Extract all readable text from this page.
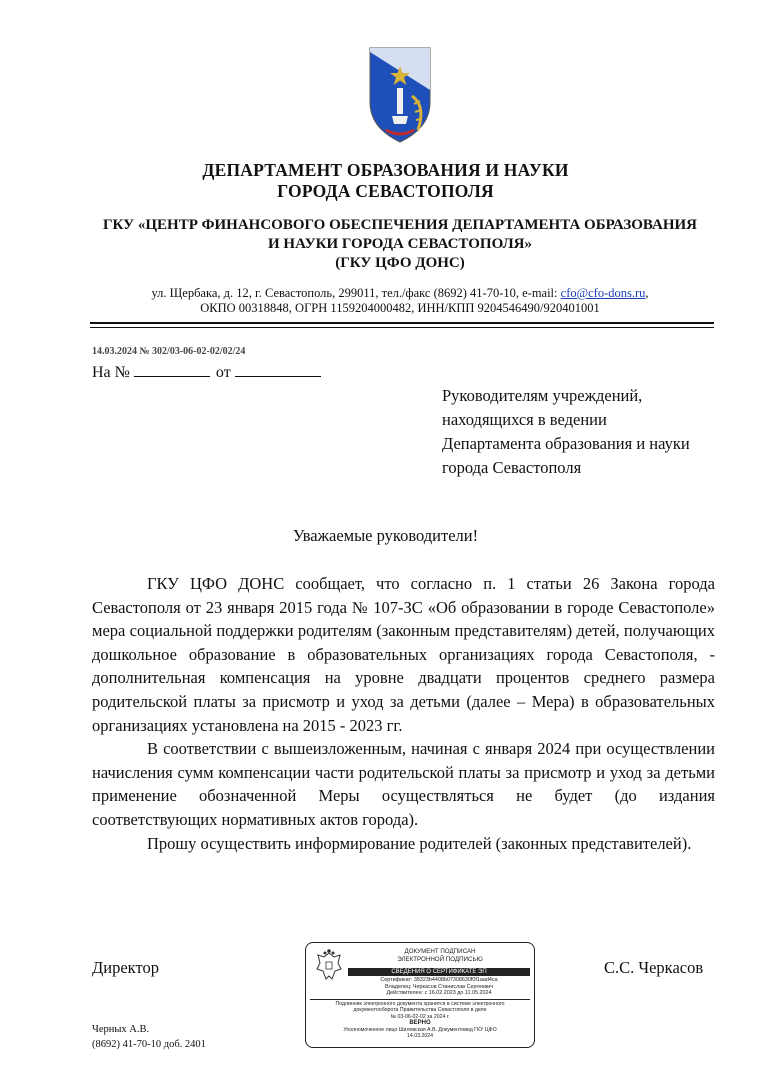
ДЕПАРТАМЕНТ ОБРАЗОВАНИЯ И НАУКИ
ГОРОДА СЕВАСТОПОЛЯ
ГКУ «ЦЕНТР ФИНАНСОВОГО ОБЕСПЕЧЕНИЯ ДЕПАРТАМЕНТА ОБРАЗОВАНИЯ
И НАУКИ ГОРОДА СЕВАСТОПОЛЯ»
(ГКУ ЦФО ДОНС)
ул. Щербака, д. 12, г. Севастополь, 299011, тел./факс (8692) 41-70-10, e-mail: cfo@cfo-dons.ru,
ОКПО 00318848, ОГРН 1159204000482, ИНН/КПП 9204546490/920401001
14.03.2024 № 302/03-06-02-02/02/24
На №	от
Руководителям учреждений,
находящихся в ведении
Департамента образования и науки
города Севастополя
Уважаемые руководители!

ГКУ ЦФО ДОНС сообщает, что согласно п. 1 статьи 26 Закона города Севастополя от 23 января 2015 года № 107-ЗС «Об образовании в городе Севастополе» мера социальной поддержки родителям (законным представителям) детей, получающих дошкольное образование в образовательных организациях города Севастополя, - дополнительная компенсация на уровне двадцати процентов среднего размера родительской платы за присмотр и уход за детьми (далее – Мера) в образовательных организациях установлена на 2015 - 2023 гг.

В соответствии с вышеизложенным, начиная с января 2024 при осуществлении начисления сумм компенсации части родительской платы за присмотр и уход за детьми применение обозначенной Меры осуществляться не будет (до издания соответствующих нормативных актов города).

Прошу осуществить информирование родителей (законных представителей).

Директор	С.С. Черкасов
ДОКУМЕНТ ПОДПИСАН
ЭЛЕКТРОННОЙ ПОДПИСЬЮ
СВЕДЕНИЯ О СЕРТИФИКАТЕ ЭП
Сертификат: 38323b4408b07308630f0f1aad4ca
Владелец: Черкасов Станислав Сергеевич
Действителен: с 16.02.2023 до 11.05.2024
Подлинник электронного документа хранится в системе электронного
документооборота Правительства Севастополя в деле
№ 03-06-02-02 за 2024 г.
ВЕРНО
Уполномоченное лицо Шилевская А.В. Документовед ГКУ ЦФО
14.03.2024
Черных А.В.
(8692) 41-70-10 доб. 2401
